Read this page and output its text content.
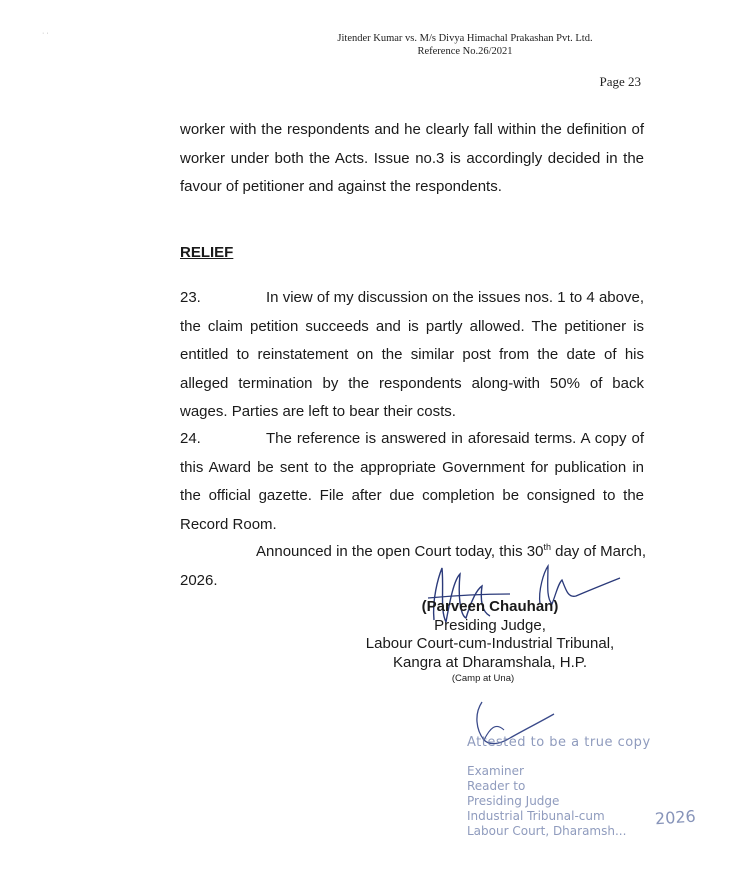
· ·	Jitender Kumar vs. M/s Divya Himachal Prakashan Pvt. Ltd.
Reference No.26/2021
Page 23
worker with the respondents and he clearly fall within the definition of worker under both the Acts. Issue no.3 is accordingly decided in the favour of petitioner and against the respondents.
RELIEF
23.	In view of my discussion on the issues nos. 1 to 4 above, the claim petition succeeds and is partly allowed. The petitioner is entitled to reinstatement on the similar post from the date of his alleged termination by the respondents along-with 50% of back wages. Parties are left to bear their costs.
24.	The reference is answered in aforesaid terms. A copy of this Award be sent to the appropriate Government for publication in the official gazette. File after due completion be consigned to the Record Room.
Announced in the open Court today, this 30th day of March, 2026.
(Parveen Chauhan)
Presiding Judge,
Labour Court-cum-Industrial Tribunal,
Kangra at Dharamshala, H.P.
(Camp at Una)
Attested to be a true copy
Examiner
Reader to
Presiding Judge
Industrial Tribunal-cum
Labour Court, Dharamsh...
2026
